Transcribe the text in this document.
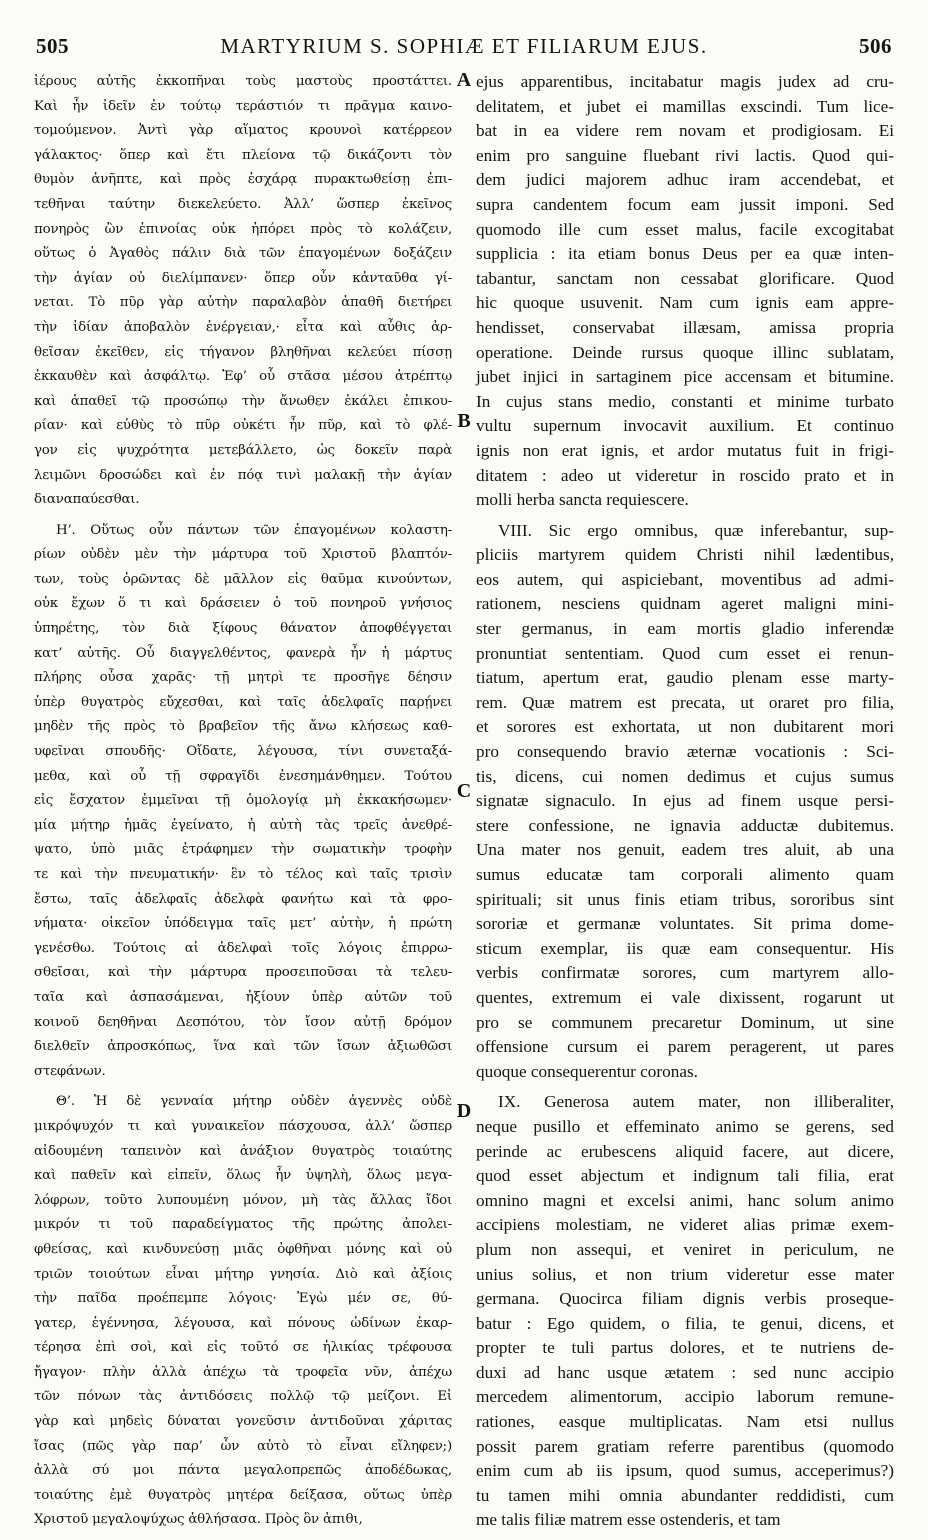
505	MARTYRIUM S. SOPHIÆ ET FILIARUM EJUS.	506
ἱέρους αὐτῆς ἐκκοπῆναι τοὺς μαστοὺς προστάττει.
Καὶ ἦν ἰδεῖν ἐν τούτῳ τεράστιόν τι πρᾶγμα καινο-
τομούμενον. Ἀντὶ γὰρ αἵματος κρουνοὶ κατέρρεον
γάλακτος· ὅπερ καὶ ἔτι πλείονα τῷ δικάζοντι τὸν
θυμὸν ἀνῆπτε, καὶ πρὸς ἐσχάρᾳ πυρακτωθείσῃ ἐπι-
τεθῆναι ταύτην διεκελεύετο. Ἀλλ’ ὥσπερ ἐκεῖνος
πονηρὸς ὢν ἐπινοίας οὐκ ἠπόρει πρὸς τὸ κολάζειν,
οὕτως ὁ Ἀγαθὸς πάλιν διὰ τῶν ἐπαγομένων δοξάζειν
τὴν ἁγίαν οὐ διελίμπανεν· ὅπερ οὖν κἀνταῦθα γί-
νεται. Τὸ πῦρ γὰρ αὐτὴν παραλαβὸν ἀπαθῆ διετήρει
τὴν ἰδίαν ἀποβαλὸν ἐνέργειαν,· εἶτα καὶ αὖθις ἀρ-
θεῖσαν ἐκεῖθεν, εἰς τήγανον βληθῆναι κελεύει πίσσῃ
ἐκκαυθὲν καὶ ἀσφάλτῳ. Ἐφ’ οὗ στᾶσα μέσου ἀτρέπτῳ
καὶ ἀπαθεῖ τῷ προσώπῳ τὴν ἄνωθεν ἐκάλει ἐπικου-
ρίαν· καὶ εὐθὺς τὸ πῦρ οὐκέτι ἦν πῦρ, καὶ τὸ φλέ-
γον εἰς ψυχρότητα μετεβάλλετο, ὡς δοκεῖν παρὰ
λειμῶνι δροσώδει καὶ ἐν πόᾳ τινὶ μαλακῇ τὴν ἁγίαν
διαναπαύεσθαι.
Η’. Οὕτως οὖν πάντων τῶν ἐπαγομένων κολαστη-
ρίων οὐδὲν μὲν τὴν μάρτυρα τοῦ Χριστοῦ βλαπτόν-
των, τοὺς ὁρῶντας δὲ μᾶλλον εἰς θαῦμα κινούντων,
οὐκ ἔχων ὅ τι καὶ δράσειεν ὁ τοῦ πονηροῦ γνήσιος
ὑπηρέτης, τὸν διὰ ξίφους θάνατον ἀποφθέγγεται
κατ’ αὐτῆς. Οὗ διαγγελθέντος, φανερὰ ἦν ἡ μάρτυς
πλήρης οὖσα χαρᾶς· τῇ μητρὶ τε προσῆγε δέησιν
ὑπὲρ θυγατρὸς εὔχεσθαι, καὶ ταῖς ἀδελφαῖς παρῄνει
μηδὲν τῆς πρὸς τὸ βραβεῖον τῆς ἄνω κλήσεως καθ-
υφεῖναι σπουδῆς· Οἴδατε, λέγουσα, τίνι συνεταξά-
μεθα, καὶ οὗ τῇ σφραγῖδι ἐνεσημάνθημεν. Τούτου
εἰς ἔσχατον ἐμμεῖναι τῇ ὁμολογίᾳ μὴ ἐκκακήσωμεν·
μία μήτηρ ἡμᾶς ἐγείνατο, ἡ αὐτὴ τὰς τρεῖς ἀνεθρέ-
ψατο, ὑπὸ μιᾶς ἐτράφημεν τὴν σωματικὴν τροφὴν
τε καὶ τὴν πνευματικήν· ἓν τὸ τέλος καὶ ταῖς τρισὶν
ἔστω, ταῖς ἀδελφαῖς ἀδελφὰ φανήτω καὶ τὰ φρο-
νήματα· οἰκεῖον ὑπόδειγμα ταῖς μετ’ αὐτὴν, ἡ πρώτη
γενέσθω. Τούτοις αἱ ἀδελφαὶ τοῖς λόγοις ἐπιρρω-
σθεῖσαι, καὶ τὴν μάρτυρα προσειποῦσαι τὰ τελευ-
ταῖα καὶ ἀσπασάμεναι, ἠξίουν ὑπὲρ αὐτῶν τοῦ
κοινοῦ δεηθῆναι Δεσπότου, τὸν ἴσον αὐτῇ δρόμον
διελθεῖν ἀπροσκόπως, ἵνα καὶ τῶν ἴσων ἀξιωθῶσι
στεφάνων.
Θ’. Ἡ δὲ γενναία μήτηρ οὐδὲν ἀγεννὲς οὐδὲ
μικρόψυχόν τι καὶ γυναικεῖον πάσχουσα, ἀλλ’ ὥσπερ
αἰδουμένη ταπεινὸν καὶ ἀνάξιον θυγατρὸς τοιαύτης
καὶ παθεῖν καὶ εἰπεῖν, ὅλως ἦν ὑψηλὴ, ὅλως μεγα-
λόφρων, τοῦτο λυπουμένη μόνον, μὴ τὰς ἄλλας ἴδοι
μικρόν τι τοῦ παραδείγματος τῆς πρώτης ἀπολει-
φθείσας, καὶ κινδυνεύσῃ μιᾶς ὀφθῆναι μόνης καὶ οὐ
τριῶν τοιούτων εἶναι μήτηρ γνησία. Διὸ καὶ ἀξίοις
τὴν παῖδα προέπεμπε λόγοις· Ἐγὼ μέν σε, θύ-
γατερ, ἐγέννησα, λέγουσα, καὶ πόνους ὠδίνων ἐκαρ-
τέρησα ἐπὶ σοὶ, καὶ εἰς τοῦτό σε ἡλικίας τρέφουσα
ἤγαγον· πλὴν ἀλλὰ ἀπέχω τὰ τροφεῖα νῦν, ἀπέχω
τῶν πόνων τὰς ἀντιδόσεις πολλῷ τῷ μείζονι. Εἰ
γὰρ καὶ μηδεὶς δύναται γονεῦσιν ἀντιδοῦναι χάριτας
ἴσας (πῶς γὰρ παρ’ ὧν αὐτὸ τὸ εἶναι εἴληφεν;)
ἀλλὰ σύ μοι πάντα μεγαλοπρεπῶς ἀποδέδωκας,
τοιαύτης ἐμὲ θυγατρὸς μητέρα δείξασα, οὕτως ὑπὲρ
Χριστοῦ μεγαλοψύχως ἀθλήσασα. Πρὸς ὃν ἀπιθι,
ejus apparentibus, incitabatur magis judex ad cru-
delitatem, et jubet ei mamillas exscindi. Tum lice-
bat in ea videre rem novam et prodigiosam. Ei
enim pro sanguine fluebant rivi lactis. Quod qui-
dem judici majorem adhuc iram accendebat, et
supra candentem focum eam jussit imponi. Sed
quomodo ille cum esset malus, facile excogitabat
supplicia : ita etiam bonus Deus per ea quæ inten-
tabantur, sanctam non cessabat glorificare. Quod
hic quoque usuvenit. Nam cum ignis eam appre-
hendisset, conservabat illæsam, amissa propria
operatione. Deinde rursus quoque illinc sublatam,
jubet injici in sartaginem pice accensam et bitumine.
In cujus stans medio, constanti et minime turbato
vultu supernum invocavit auxilium. Et continuo
ignis non erat ignis, et ardor mutatus fuit in frigi-
ditatem : adeo ut videretur in roscido prato et in
molli herba sancta requiescere.
VIII. Sic ergo omnibus, quæ inferebantur, sup-
pliciis martyrem quidem Christi nihil lædentibus,
eos autem, qui aspiciebant, moventibus ad admi-
rationem, nesciens quidnam ageret maligni mini-
ster germanus, in eam mortis gladio inferendæ
pronuntiat sententiam. Quod cum esset ei renun-
tiatum, apertum erat, gaudio plenam esse marty-
rem. Quæ matrem est precata, ut oraret pro filia,
et sorores est exhortata, ut non dubitarent mori
pro consequendo bravio æternæ vocationis : Sci-
tis, dicens, cui nomen dedimus et cujus sumus
signatæ signaculo. In ejus ad finem usque persi-
stere confessione, ne ignavia adductæ dubitemus.
Una mater nos genuit, eadem tres aluit, ab una
sumus educatæ tam corporali alimento quam
spirituali; sit unus finis etiam tribus, sororibus sint
sororiæ et germanæ voluntates. Sit prima dome-
sticum exemplar, iis quæ eam consequentur. His
verbis confirmatæ sorores, cum martyrem allo-
quentes, extremum ei vale dixissent, rogarunt ut
pro se communem precaretur Dominum, ut sine
offensione cursum ei parem peragerent, ut pares
quoque consequerentur coronas.
IX. Generosa autem mater, non illiberaliter,
neque pusillo et effeminato animo se gerens, sed
perinde ac erubescens aliquid facere, aut dicere,
quod esset abjectum et indignum tali filia, erat
omnino magni et excelsi animi, hanc solum animo
accipiens molestiam, ne videret alias primæ exem-
plum non assequi, et veniret in periculum, ne
unius solius, et non trium videretur esse mater
germana. Quocirca filiam dignis verbis proseque-
batur : Ego quidem, o filia, te genui, dicens, et
propter te tuli partus dolores, et te nutriens de-
duxi ad hanc usque ætatem : sed nunc accipio
mercedem alimentorum, accipio laborum remune-
rationes, easque multiplicatas. Nam etsi nullus
possit parem gratiam referre parentibus (quomodo
enim cum ab iis ipsum, quod sumus, acceperimus?)
tu tamen mihi omnia abundanter reddidisti, cum
me talis filiæ matrem esse ostenderis, et tam
A
B
C
D
